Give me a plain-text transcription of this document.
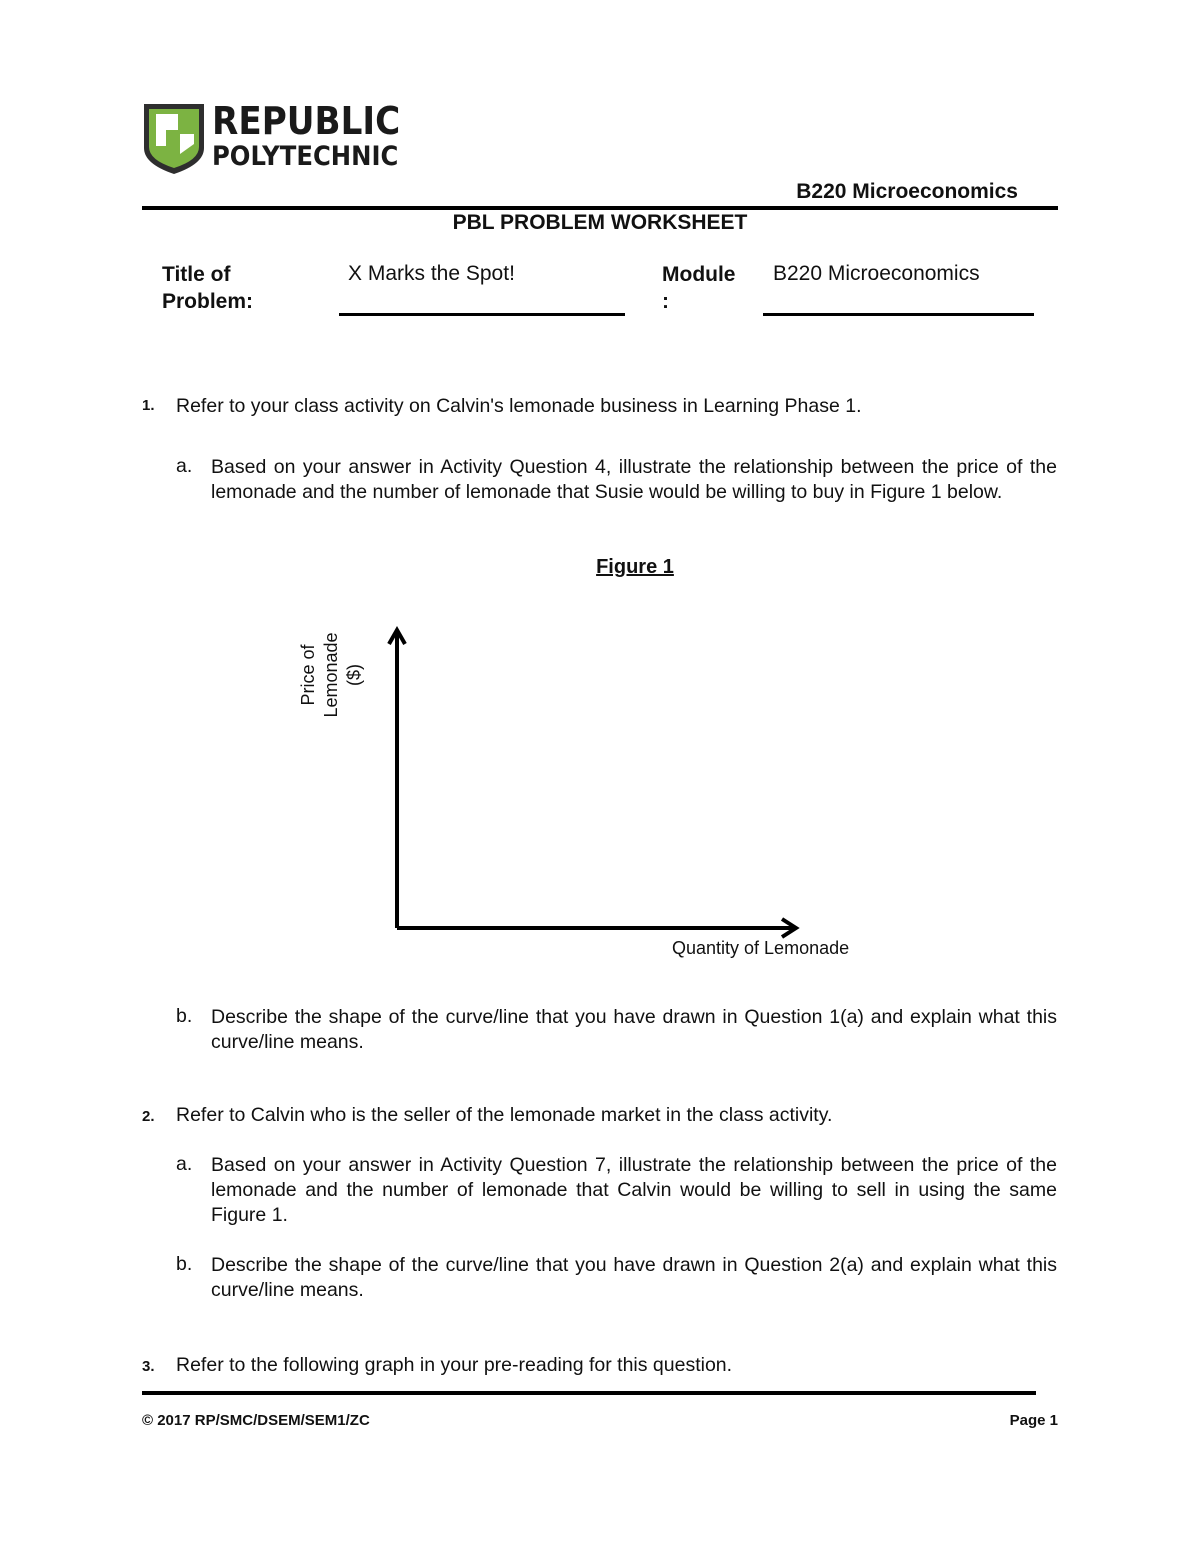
REPUBLIC
POLYTECHNIC
B220 Microeconomics
PBL PROBLEM WORKSHEET
Title of
Problem:
X Marks the Spot!	Module
:
B220 Microeconomics
1. Refer to your class activity on Calvin's lemonade business in Learning Phase 1.
a. Based on your answer in Activity Question 4, illustrate the relationship between the price of the lemonade and the number of lemonade that Susie would be willing to buy in Figure 1 below.
Figure 1
Price of Lemonade ($)
Quantity of Lemonade
b. Describe the shape of the curve/line that you have drawn in Question 1(a) and explain what this curve/line means.
2. Refer to Calvin who is the seller of the lemonade market in the class activity.
a. Based on your answer in Activity Question 7, illustrate the relationship between the price of the lemonade and the number of lemonade that Calvin would be willing to sell in using the same Figure 1.
b. Describe the shape of the curve/line that you have drawn in Question 2(a) and explain what this curve/line means.
3. Refer to the following graph in your pre-reading for this question.
© 2017 RP/SMC/DSEM/SEM1/ZC	Page 1
